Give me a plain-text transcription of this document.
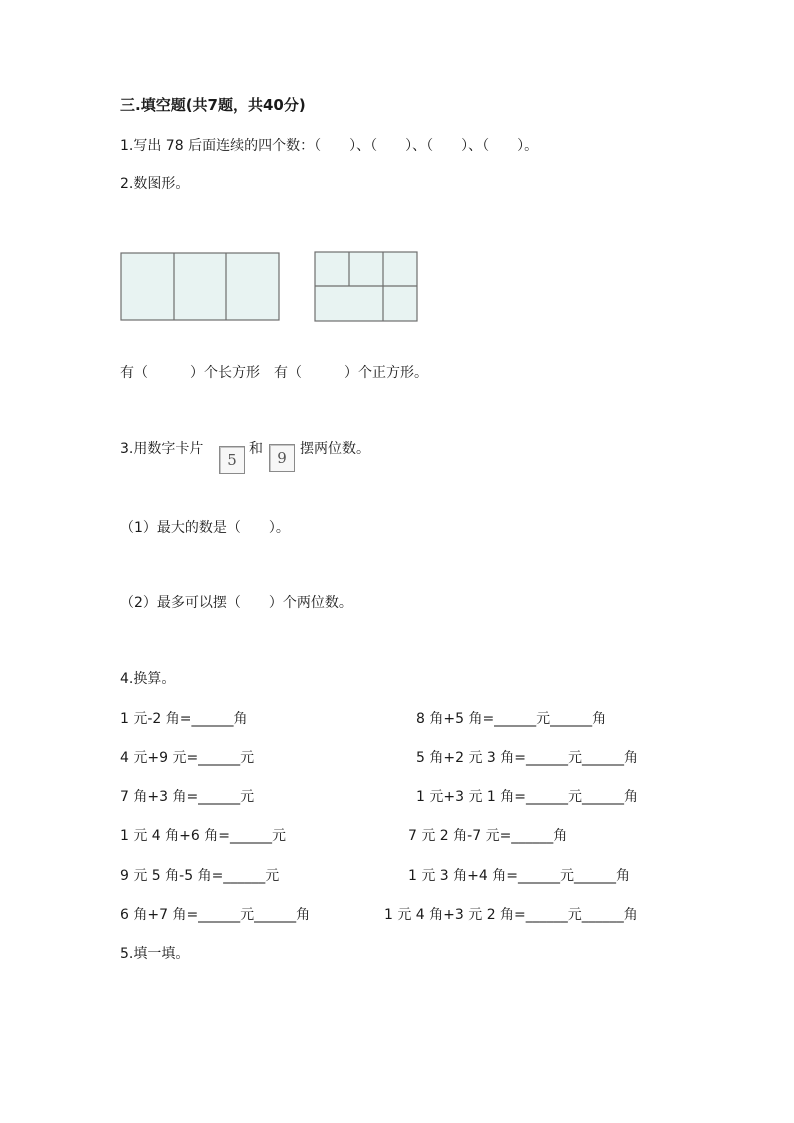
三.填空题(共7题，共40分)
1.写出 78 后面连续的四个数：（　　）、（　　）、（　　）、（　　）。
2.数图形。
有（　　　）个长方形　有（　　　）个正方形。
3.用数字卡片
5
和 9 摆两位数。
（1）最大的数是（　　）。
（2）最多可以摆（　　）个两位数。
4.换算。
1 元-2 角=______角
4 元+9 元=______元
7 角+3 角=______元
1 元 4 角+6 角=______元
9 元 5 角-5 角=______元
6 角+7 角=______元______角
8 角+5 角=______元______角
5 角+2 元 3 角=______元______角
1 元+3 元 1 角=______元______角
7 元 2 角-7 元=______角
1 元 3 角+4 角=______元______角
1 元 4 角+3 元 2 角=______元______角
5.填一填。
